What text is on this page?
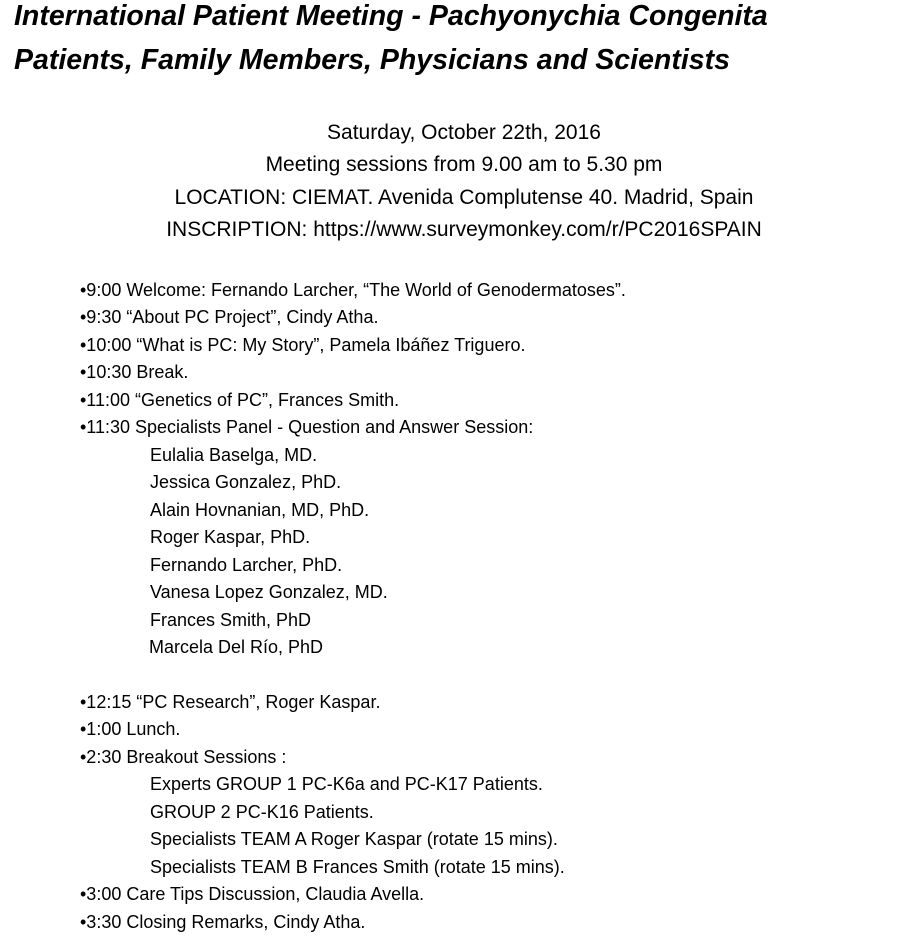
International Patient Meeting - Pachyonychia Congenita
Patients, Family Members, Physicians and Scientists
Saturday, October 22th, 2016
Meeting sessions from 9.00 am to 5.30 pm
LOCATION: CIEMAT. Avenida Complutense 40. Madrid, Spain
INSCRIPTION: https://www.surveymonkey.com/r/PC2016SPAIN
•9:00 Welcome: Fernando Larcher, “The World of Genodermatoses”.
•9:30 “About PC Project”, Cindy Atha.
•10:00 “What is PC: My Story”, Pamela Ibáñez Triguero.
•10:30 Break.
•11:00 “Genetics of PC”, Frances Smith.
•11:30 Specialists Panel - Question and Answer Session:
Eulalia Baselga, MD.
Jessica Gonzalez, PhD.
Alain Hovnanian, MD, PhD.
Roger Kaspar, PhD.
Fernando Larcher, PhD.
Vanesa Lopez Gonzalez, MD.
Frances Smith, PhD
Marcela Del Río, PhD
•12:15 “PC Research”, Roger Kaspar.
•1:00 Lunch.
•2:30 Breakout Sessions :
Experts GROUP 1 PC-K6a and PC-K17 Patients.
GROUP 2 PC-K16 Patients.
Specialists TEAM A Roger Kaspar (rotate 15 mins).
Specialists TEAM B Frances Smith (rotate 15 mins).
•3:00 Care Tips Discussion, Claudia Avella.
•3:30 Closing Remarks, Cindy Atha.
